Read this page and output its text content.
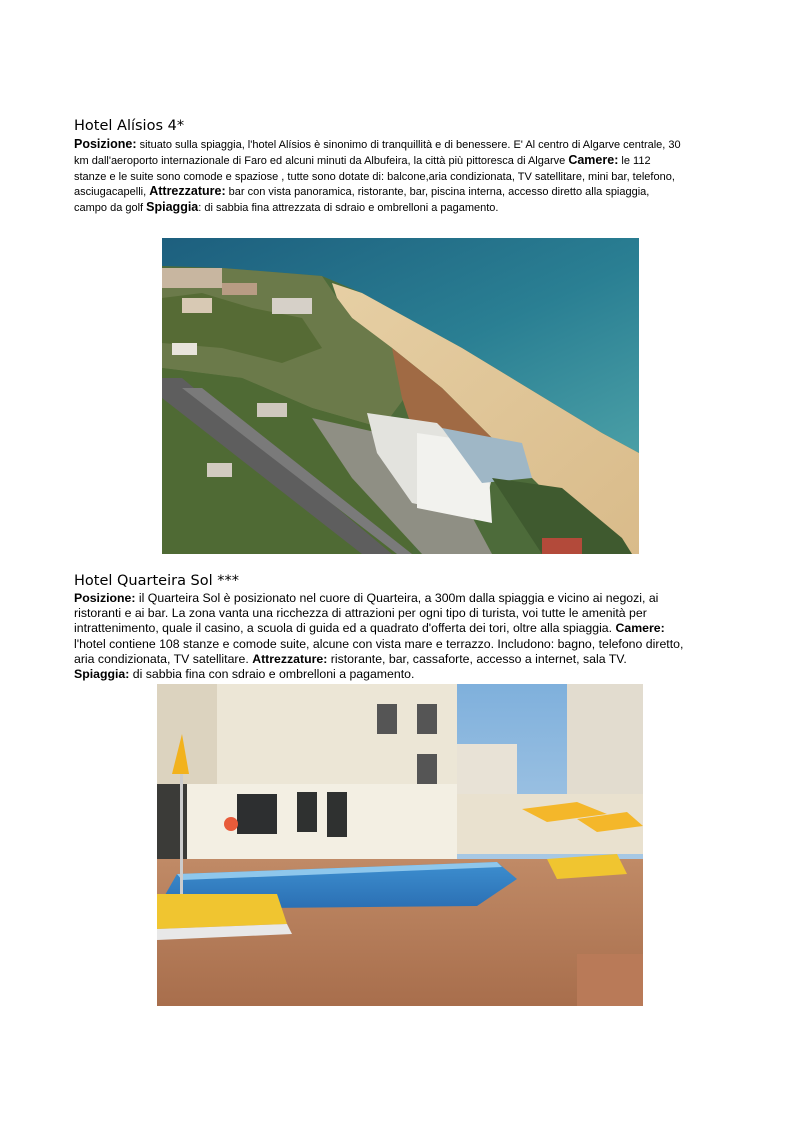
Hotel Alísios 4*
Posizione: situato sulla spiaggia, l'hotel Alísios è sinonimo di tranquillità e di benessere. E' Al centro di Algarve centrale, 30
km dall'aeroporto internazionale di Faro ed alcuni minuti da Albufeira, la città più pittoresca di Algarve Camere: le 112
stanze e le suite sono comode e spaziose , tutte sono dotate di: balcone,aria condizionata, TV satellitare, mini bar, telefono,
asciugacapelli, Attrezzature: bar con vista panoramica, ristorante, bar, piscina interna, accesso diretto alla spiaggia,
campo da golf Spiaggia: di sabbia fina attrezzata di sdraio e ombrelloni a pagamento.
Hotel Quarteira Sol ***
Posizione: il Quarteira Sol è posizionato nel cuore di Quarteira, a 300m dalla spiaggia e vicino ai negozi, ai
ristoranti e ai bar. La zona vanta una ricchezza di attrazioni per ogni tipo di turista, voi tutte le amenità per
intrattenimento, quale il casino, a scuola di guida ed a quadrato d'offerta dei tori, oltre alla spiaggia. Camere:
l'hotel contiene 108 stanze e comode suite, alcune con vista mare e terrazzo. Includono: bagno, telefono diretto,
aria condizionata, TV satellitare. Attrezzature: ristorante, bar, cassaforte, accesso a internet, sala TV.
Spiaggia: di sabbia fina con sdraio e ombrelloni a pagamento.
